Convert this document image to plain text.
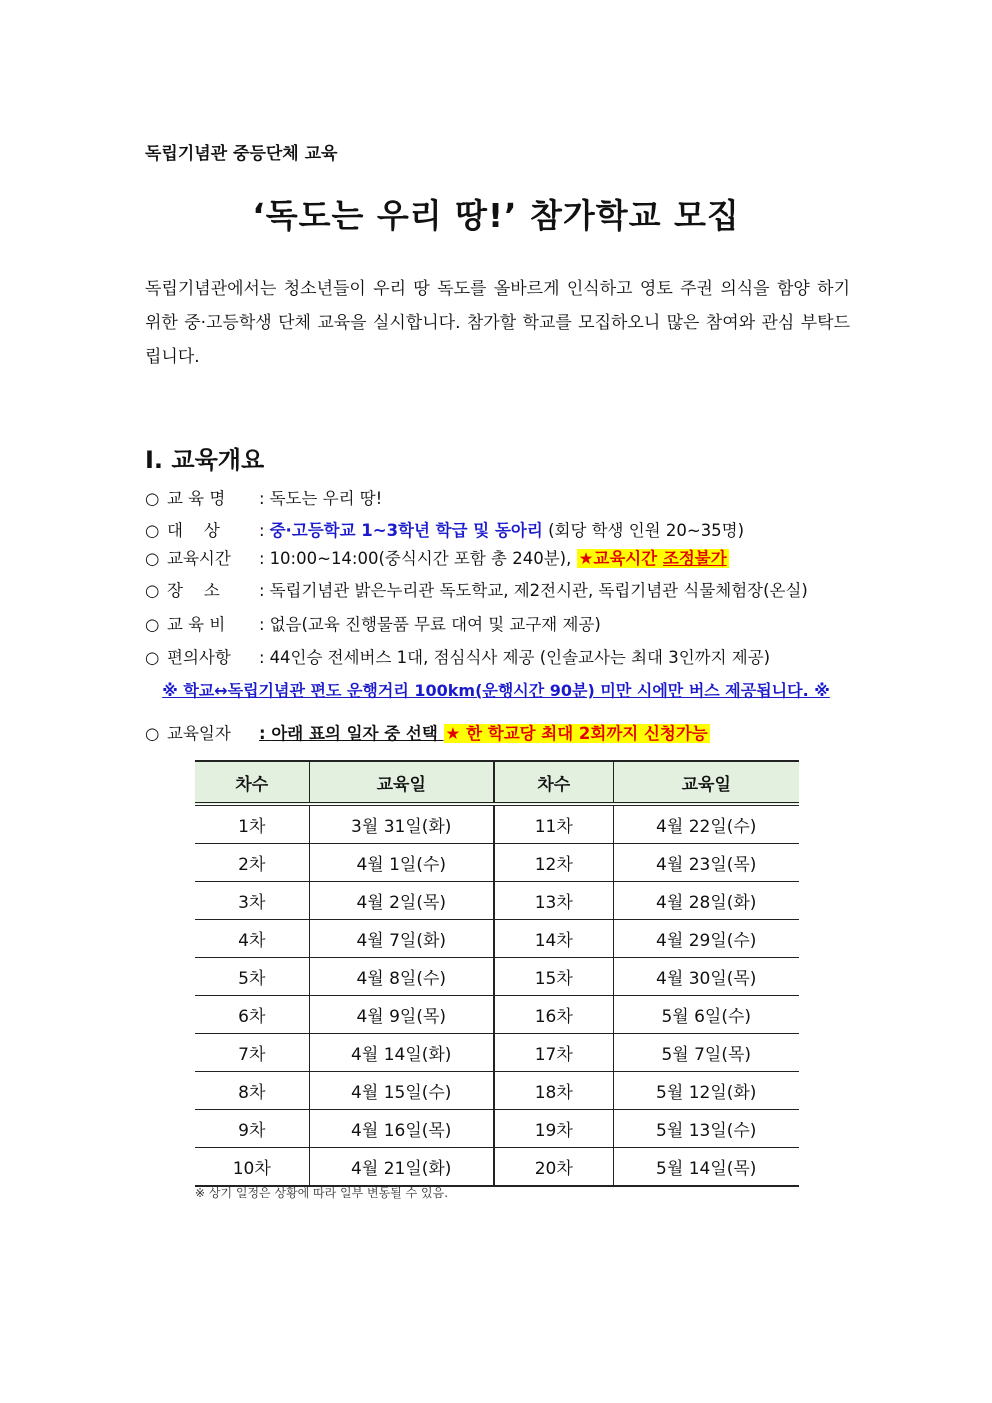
독립기념관 중등단체 교육
‘독도는 우리 땅!’ 참가학교 모집
독립기념관에서는 청소년들이 우리 땅 독도를 올바르게 인식하고 영토 주권 의식을 함양 하기 위한 중·고등학생 단체 교육을 실시합니다. 참가할 학교를 모집하오니 많은 참여와 관심 부탁드립니다.
Ⅰ. 교육개요
○ 교 육 명 : 독도는 우리 땅!
○ 대    상 : 중·고등학교 1~3학년 학급 및 동아리 (회당 학생 인원 20~35명)
○ 교육시간 : 10:00~14:00(중식시간 포함 총 240분), ★교육시간 조정불가
○ 장    소 : 독립기념관 밝은누리관 독도학교, 제2전시관, 독립기념관 식물체험장(온실)
○ 교 육 비 : 없음(교육 진행물품 무료 대여 및 교구재 제공)
○ 편의사항 : 44인승 전세버스 1대, 점심식사 제공 (인솔교사는 최대 3인까지 제공)
※ 학교↔독립기념관 편도 운행거리 100km(운행시간 90분) 미만 시에만 버스 제공됩니다. ※
○ 교육일자 : 아래 표의 일자 중 선택 ★ 한 학교당 최대 2회까지 신청가능
차수	교육일	차수	교육일
1차	3월 31일(화)	11차	4월 22일(수)
2차	4월 1일(수)	12차	4월 23일(목)
3차	4월 2일(목)	13차	4월 28일(화)
4차	4월 7일(화)	14차	4월 29일(수)
5차	4월 8일(수)	15차	4월 30일(목)
6차	4월 9일(목)	16차	5월 6일(수)
7차	4월 14일(화)	17차	5월 7일(목)
8차	4월 15일(수)	18차	5월 12일(화)
9차	4월 16일(목)	19차	5월 13일(수)
10차	4월 21일(화)	20차	5월 14일(목)
※ 상기 일정은 상황에 따라 일부 변동될 수 있음.
